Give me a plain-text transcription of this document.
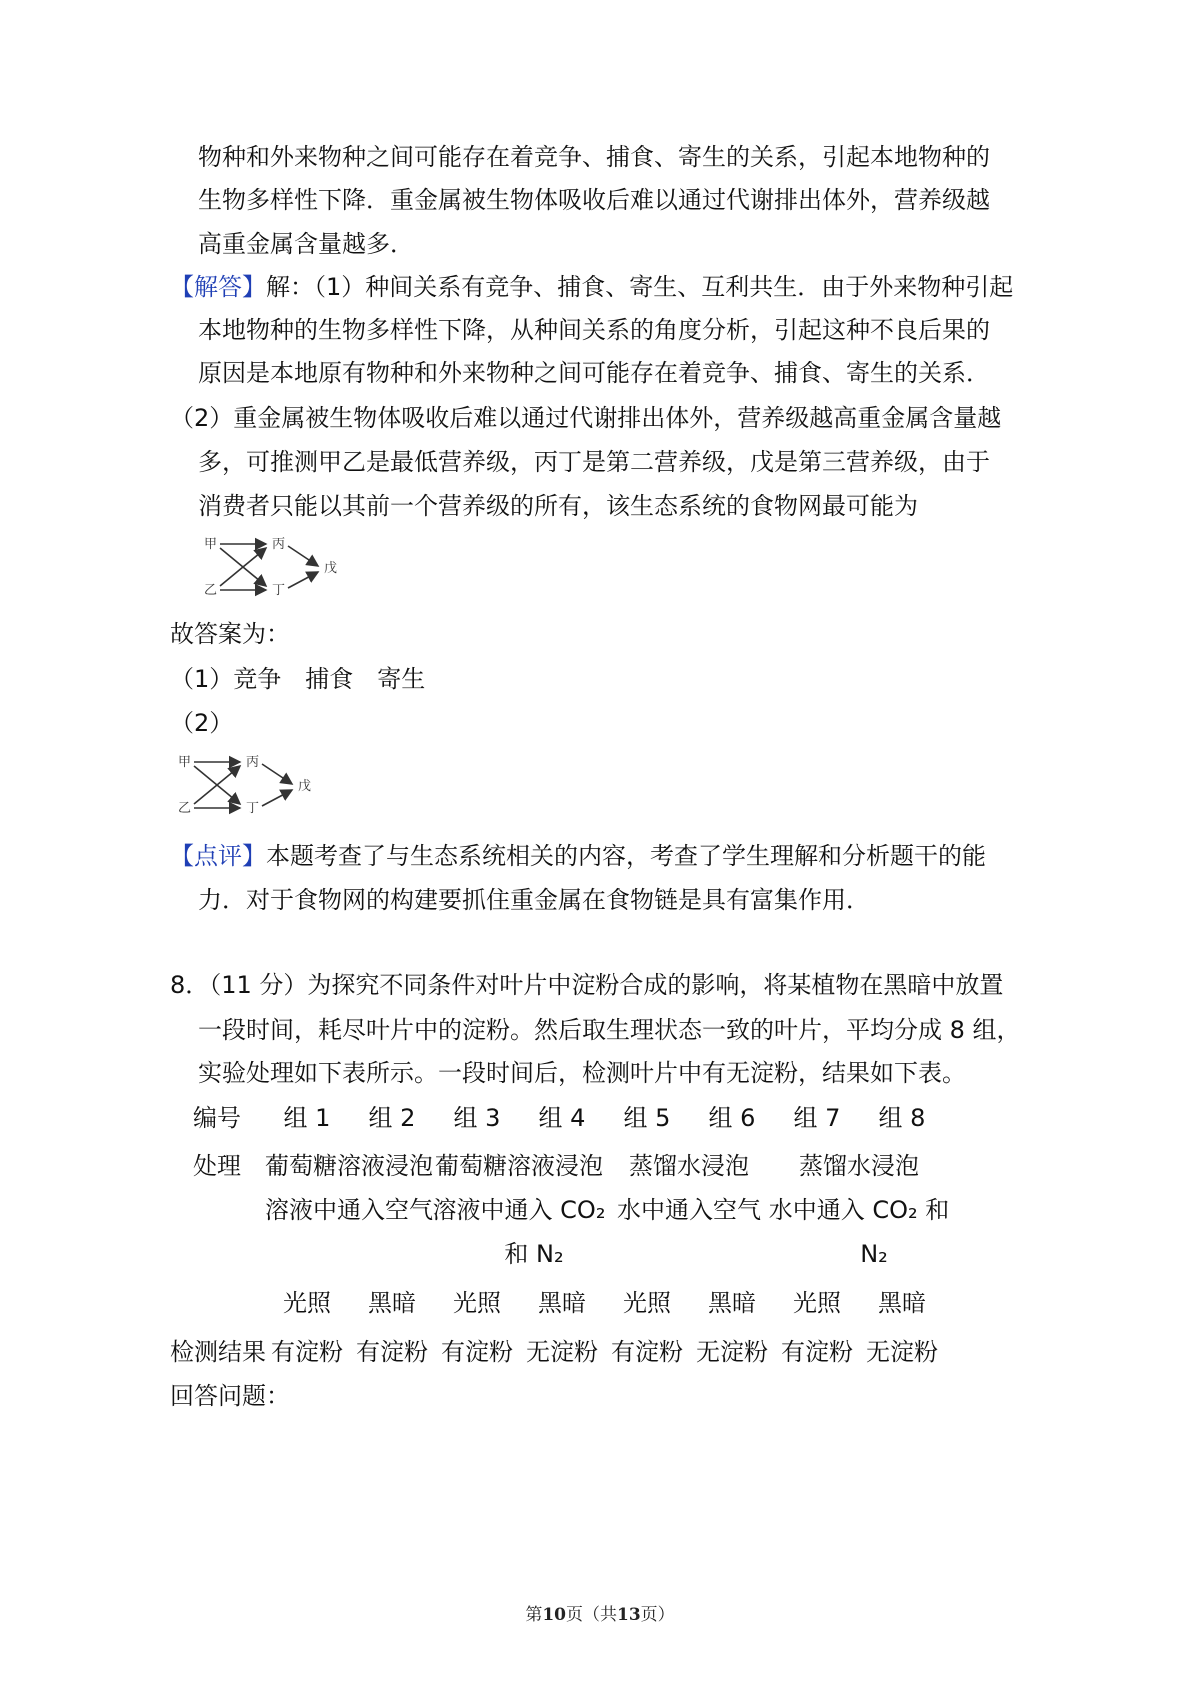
物种和外来物种之间可能存在着竞争、捕食、寄生的关系，引起本地物种的
生物多样性下降．重金属被生物体吸收后难以通过代谢排出体外，营养级越
高重金属含量越多．
【解答】解：（1）种间关系有竞争、捕食、寄生、互利共生．由于外来物种引起
本地物种的生物多样性下降，从种间关系的角度分析，引起这种不良后果的
原因是本地原有物种和外来物种之间可能存在着竞争、捕食、寄生的关系．
（2）重金属被生物体吸收后难以通过代谢排出体外，营养级越高重金属含量越
多，可推测甲乙是最低营养级，丙丁是第二营养级，戊是第三营养级，由于
消费者只能以其前一个营养级的所有，该生态系统的食物网最可能为
甲
乙
丙
丁
戊
故答案为：
（1）竞争　捕食　寄生
（2）
甲
乙
丙
丁
戊
【点评】本题考查了与生态系统相关的内容，考查了学生理解和分析题干的能
力．对于食物网的构建要抓住重金属在食物链是具有富集作用．
8．（11 分）为探究不同条件对叶片中淀粉合成的影响，将某植物在黑暗中放置
一段时间，耗尽叶片中的淀粉。然后取生理状态一致的叶片，平均分成 8 组，
实验处理如下表所示。一段时间后，检测叶片中有无淀粉，结果如下表。
编号 组 1 组 2 组 3 组 4 组 5 组 6 组 7 组 8
处理 葡萄糖溶液浸泡 葡萄糖溶液浸泡 蒸馏水浸泡 蒸馏水浸泡
溶液中通入空气 溶液中通入 CO₂ 水中通入空气 水中通入 CO₂ 和
和 N₂	N₂
光照 黑暗 光照 黑暗 光照 黑暗 光照 黑暗
检测结果 有淀粉 有淀粉 有淀粉 无淀粉 有淀粉 无淀粉 有淀粉 无淀粉
回答问题：
第10页（共13页）
